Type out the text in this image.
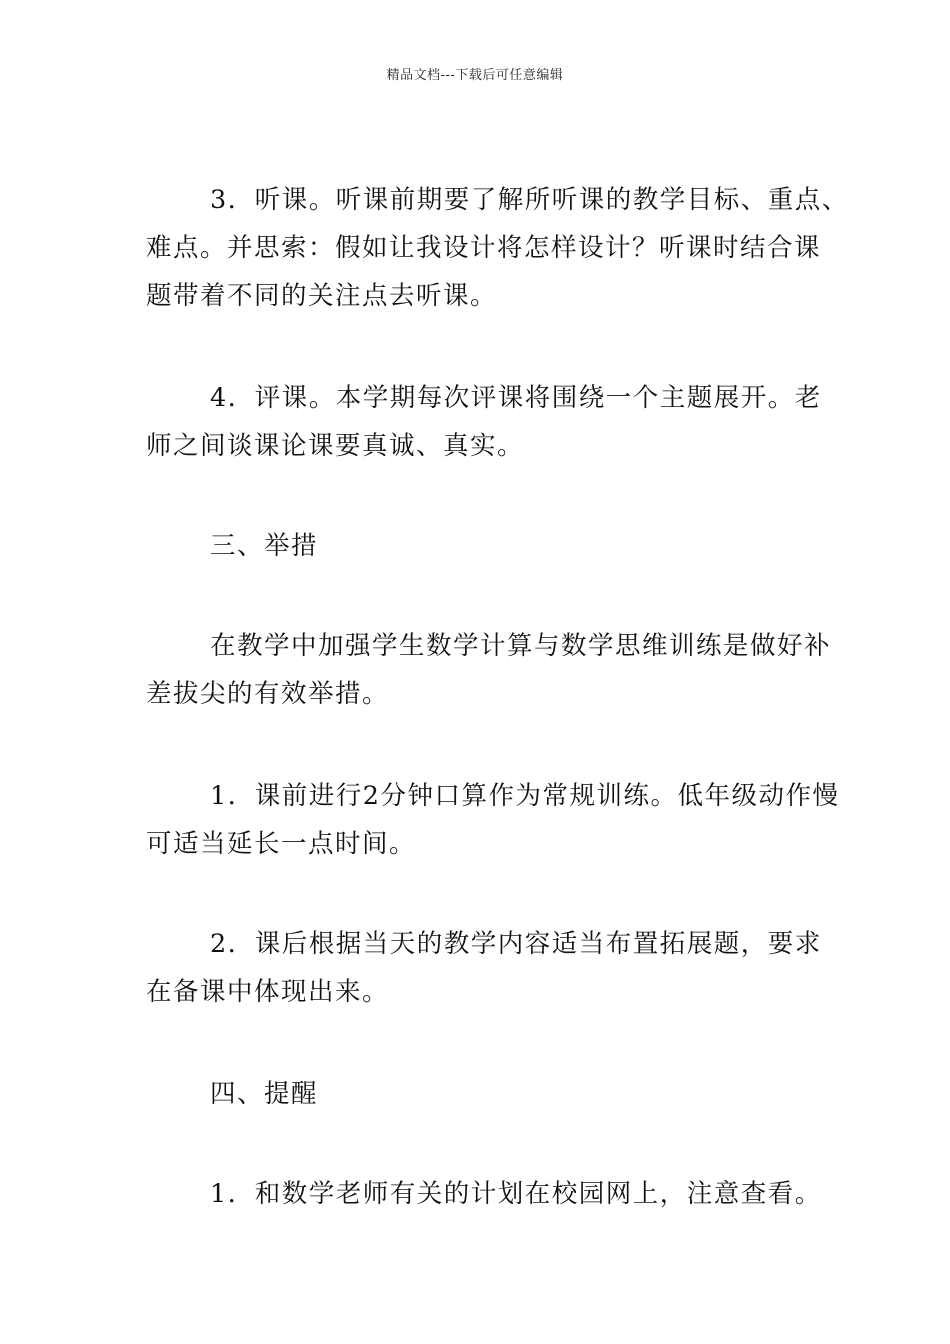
精品文档---下载后可任意编辑
3．听课。听课前期要了解所听课的教学目标、重点、
难点。并思索：假如让我设计将怎样设计？听课时结合课
题带着不同的关注点去听课。
4．评课。本学期每次评课将围绕一个主题展开。老
师之间谈课论课要真诚、真实。
三、举措
在教学中加强学生数学计算与数学思维训练是做好补
差拔尖的有效举措。
1．课前进行2分钟口算作为常规训练。低年级动作慢
可适当延长一点时间。
2．课后根据当天的教学内容适当布置拓展题，要求
在备课中体现出来。
四、提醒
1．和数学老师有关的计划在校园网上，注意查看。
